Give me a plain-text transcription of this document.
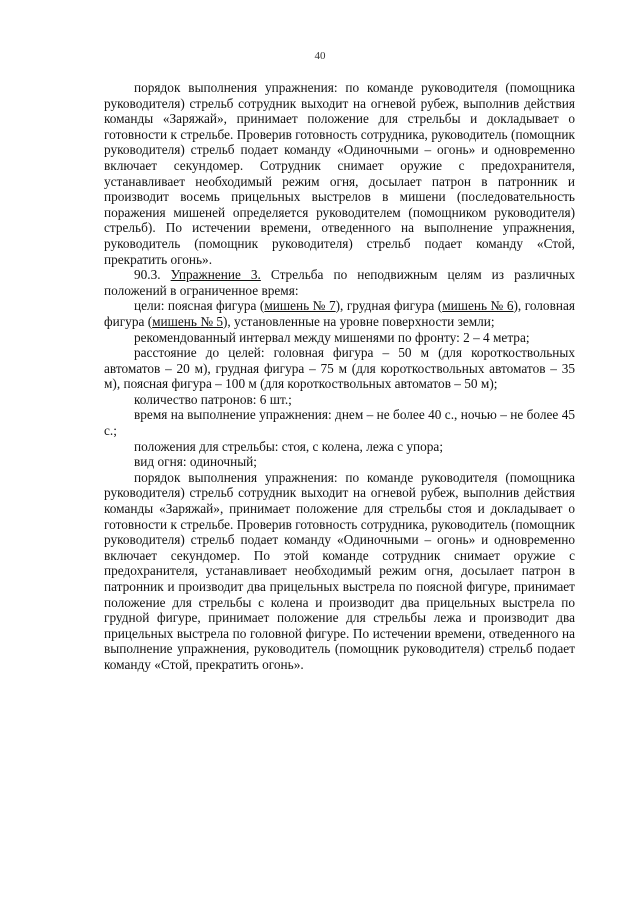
40

порядок выполнения упражнения: по команде руководителя (помощника руководителя) стрельб сотрудник выходит на огневой рубеж, выполнив действия команды «Заряжай», принимает положение для стрельбы и докладывает о готовности к стрельбе. Проверив готовность сотрудника, руководитель (помощник руководителя) стрельб подает команду «Одиночными – огонь» и одновременно включает секундомер. Сотрудник снимает оружие с предохранителя, устанавливает необходимый режим огня, досылает патрон в патронник и производит восемь прицельных выстрелов в мишени (последовательность поражения мишеней определяется руководителем (помощником руководителя) стрельб). По истечении времени, отведенного на выполнение упражнения, руководитель (помощник руководителя) стрельб подает команду «Стой, прекратить огонь».

90.3. Упражнение 3. Стрельба по неподвижным целям из различных положений в ограниченное время:

цели: поясная фигура (мишень № 7), грудная фигура (мишень № 6), головная фигура (мишень № 5), установленные на уровне поверхности земли;

рекомендованный интервал между мишенями по фронту: 2 – 4 метра;

расстояние до целей: головная фигура – 50 м (для короткоствольных автоматов – 20 м), грудная фигура – 75 м (для короткоствольных автоматов – 35 м), поясная фигура – 100 м (для короткоствольных автоматов – 50 м);

количество патронов: 6 шт.;

время на выполнение упражнения: днем – не более 40 с., ночью – не более 45 с.;

положения для стрельбы: стоя, с колена, лежа с упора;

вид огня: одиночный;

порядок выполнения упражнения: по команде руководителя (помощника руководителя) стрельб сотрудник выходит на огневой рубеж, выполнив действия команды «Заряжай», принимает положение для стрельбы стоя и докладывает о готовности к стрельбе. Проверив готовность сотрудника, руководитель (помощник руководителя) стрельб подает команду «Одиночными – огонь» и одновременно включает секундомер. По этой команде сотрудник снимает оружие с предохранителя, устанавливает необходимый режим огня, досылает патрон в патронник и производит два прицельных выстрела по поясной фигуре, принимает положение для стрельбы с колена и производит два прицельных выстрела по грудной фигуре, принимает положение для стрельбы лежа и производит два прицельных выстрела по головной фигуре. По истечении времени, отведенного на выполнение упражнения, руководитель (помощник руководителя) стрельб подает команду «Стой, прекратить огонь».
